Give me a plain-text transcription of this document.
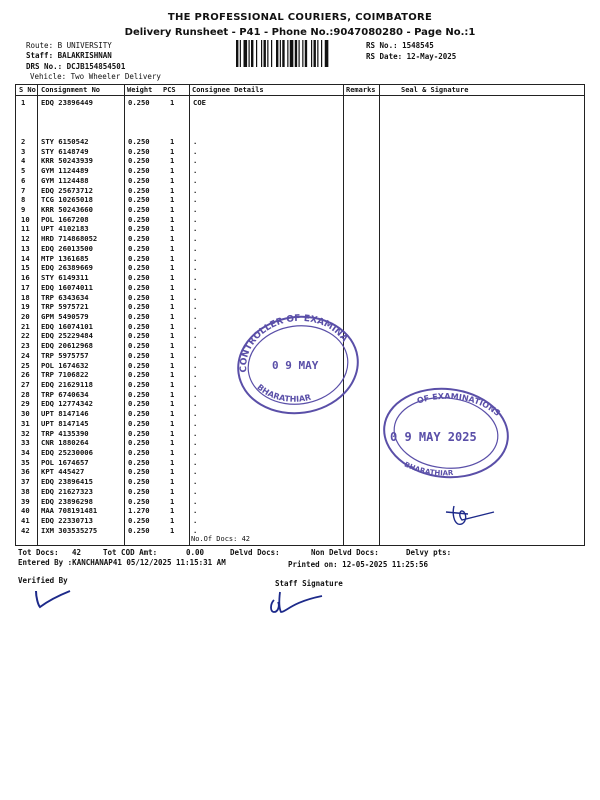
THE PROFESSIONAL COURIERS, COIMBATORE
Delivery Runsheet - P41 - Phone No.:9047080280 - Page No.:1
Route: B UNIVERSITY
Staff: BALAKRISHNAN
DRS No.: DCJB154854501
Vehicle: Two Wheeler Delivery
RS No.: 1548545
RS Date: 12-May-2025
S No Consignment No	Weight PCS Consignee Details	Remarks	Seal & Signature
1 EDQ 23896449	0.250	1	COE
2 STY 6150542	0.250	1	.
3 STY 6148749	0.250	1	.
4 KRR 50243939	0.250	1	.
5 GYM 1124489	0.250	1	.
6 GYM 1124488	0.250	1	.
7 EDQ 25673712	0.250	1	.
8 TCG 10265018	0.250	1	.
9 KRR 50243660	0.250	1	.
10 POL 1667208	0.250	1	.
11 UPT 4102183	0.250	1	.
12 HRD 714868052	0.250	1	.
13 EDQ 26013500	0.250	1	.
14 MTP 1361685	0.250	1	.
15 EDQ 26389669	0.250	1	.
16 STY 6149311	0.250	1	.
17 EDQ 16074011	0.250	1	.
18 TRP 6343634	0.250	1	.
19 TRP 5975721	0.250	1	.
20 GPM 5490579	0.250	1	.
21 EDQ 16074101	0.250	1	.
22 EDQ 25229484	0.250	1	.
23 EDQ 20612968	0.250	1	.
24 TRP 5975757	0.250	1	.
25 POL 1674632	0.250	1	.
26 TRP 7106822	0.250	1	.
27 EDQ 21629118	0.250	1	.
28 TRP 6740634	0.250	1	.
29 EDQ 12774342	0.250	1	.
30 UPT 8147146	0.250	1	.
31 UPT 8147145	0.250	1	.
32 TRP 4135390	0.250	1	.
33 CNR 1880264	0.250	1	.
34 EDQ 25230006	0.250	1	.
35 POL 1674657	0.250	1	.
36 KPT 445427	0.250	1	.
37 EDQ 23896415	0.250	1	.
38 EDQ 21627323	0.250	1	.
39 EDQ 23896298	0.250	1	.
40 MAA 708191481	1.270	1	.
41 EDQ 22330713	0.250	1	.
42 IXM 303535275	0.250	1	.
No.Of Docs: 42
CONTROLLER OF EXAMINA
BHARATHIAR
0 9 MAY
OF EXAMINATIONS
BHARATHIAR
0 9 MAY 2025
Tot Docs: 42	Tot COD Amt:	0.00	Delvd Docs:	Non Delvd Docs:	Delvy pts:
Entered By :KANCHANAP41 05/12/2025 11:15:31 AM	Printed on: 12-05-2025 11:25:56
Verified By	Staff Signature
